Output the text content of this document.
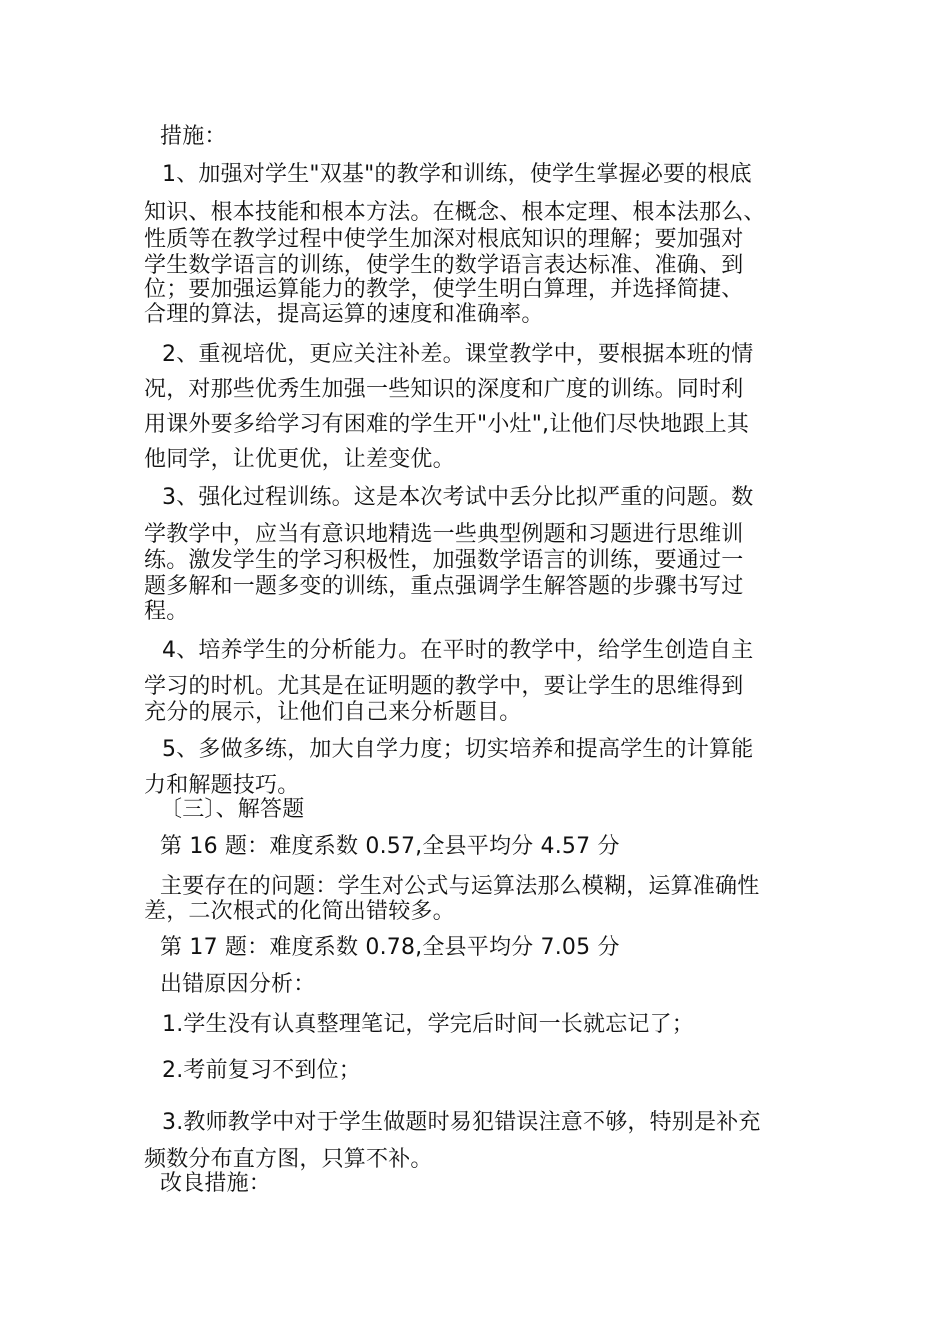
措施：
1、加强对学生"双基"的教学和训练，使学生掌握必要的根底
知识、根本技能和根本方法。在概念、根本定理、根本法那么、
性质等在教学过程中使学生加深对根底知识的理解；要加强对
学生数学语言的训练，使学生的数学语言表达标准、准确、到
位；要加强运算能力的教学，使学生明白算理，并选择简捷、
合理的算法，提高运算的速度和准确率。
2、重视培优，更应关注补差。课堂教学中，要根据本班的情
况，对那些优秀生加强一些知识的深度和广度的训练。同时利
用课外要多给学习有困难的学生开"小灶",让他们尽快地跟上其
他同学，让优更优，让差变优。
3、强化过程训练。这是本次考试中丢分比拟严重的问题。数
学教学中，应当有意识地精选一些典型例题和习题进行思维训
练。激发学生的学习积极性，加强数学语言的训练，要通过一
题多解和一题多变的训练，重点强调学生解答题的步骤书写过
程。
4、培养学生的分析能力。在平时的教学中，给学生创造自主
学习的时机。尤其是在证明题的教学中，要让学生的思维得到
充分的展示，让他们自己来分析题目。
5、多做多练，加大自学力度；切实培养和提高学生的计算能
力和解题技巧。
〔三〕、解答题
第 16 题：难度系数 0.57,全县平均分 4.57 分
主要存在的问题：学生对公式与运算法那么模糊，运算准确性
差，二次根式的化简出错较多。
第 17 题：难度系数 0.78,全县平均分 7.05 分
出错原因分析：
1.学生没有认真整理笔记，学完后时间一长就忘记了；
2.考前复习不到位；
3.教师教学中对于学生做题时易犯错误注意不够，特别是补充
频数分布直方图，只算不补。
改良措施：
